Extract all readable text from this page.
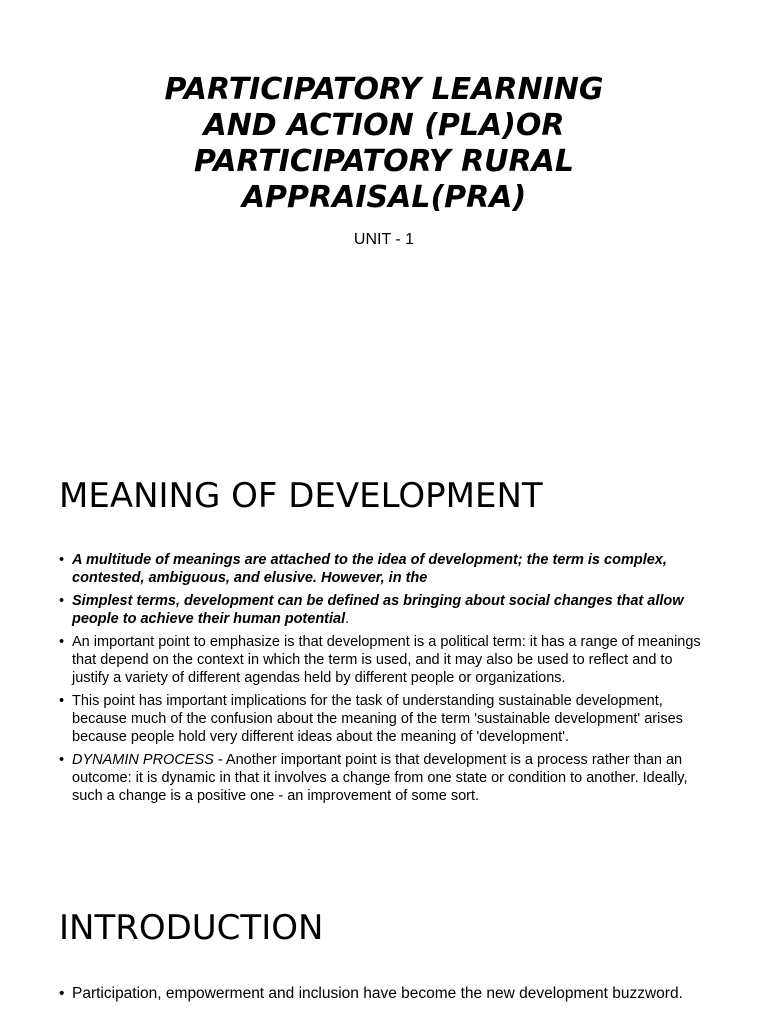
PARTICIPATORY LEARNING
AND ACTION (PLA)OR
PARTICIPATORY RURAL
APPRAISAL(PRA)
UNIT - 1
MEANING OF DEVELOPMENT
• A multitude of meanings are attached to the idea of development; the term is complex, contested, ambiguous, and elusive. However, in the
• Simplest terms, development can be defined as bringing about social changes that allow people to achieve their human potential.
• An important point to emphasize is that development is a political term: it has a range of meanings that depend on the context in which the term is used, and it may also be used to reflect and to justify a variety of different agendas held by different people or organizations.
• This point has important implications for the task of understanding sustainable development, because much of the confusion about the meaning of the term 'sustainable development' arises because people hold very different ideas about the meaning of 'development'.
• DYNAMIN PROCESS - Another important point is that development is a process rather than an outcome: it is dynamic in that it involves a change from one state or condition to another. Ideally, such a change is a positive one - an improvement of some sort.
INTRODUCTION
• Participation, empowerment and inclusion have become the new development buzzword.
